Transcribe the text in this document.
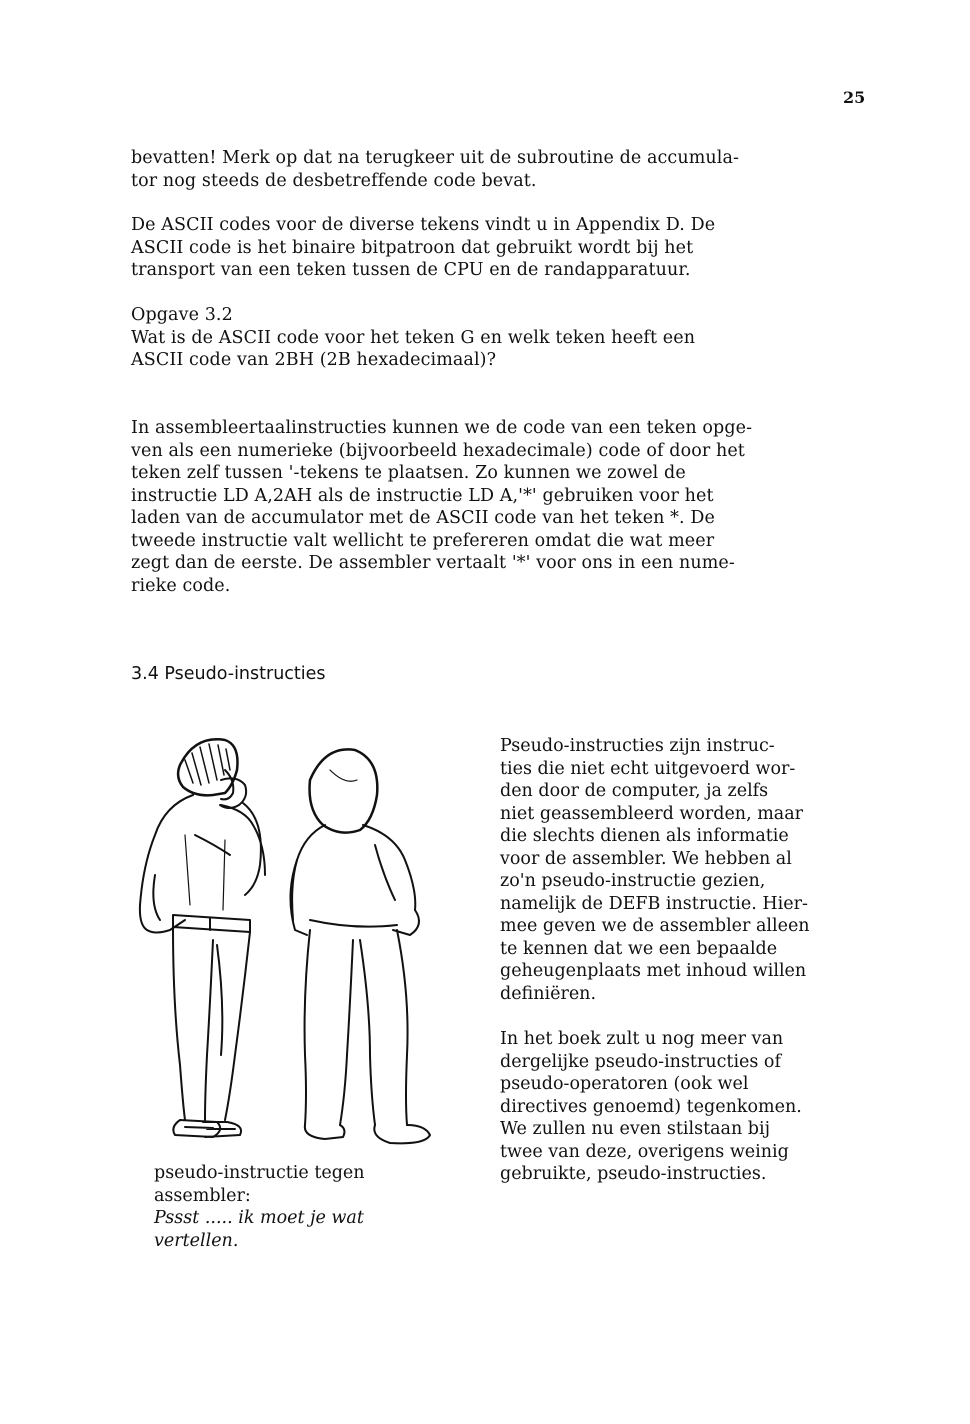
25
bevatten! Merk op dat na terugkeer uit de subroutine de accumula-
tor nog steeds de desbetreffende code bevat.
De ASCII codes voor de diverse tekens vindt u in Appendix D. De
ASCII code is het binaire bitpatroon dat gebruikt wordt bij het
transport van een teken tussen de CPU en de randapparatuur.
Opgave 3.2
Wat is de ASCII code voor het teken G en welk teken heeft een
ASCII code van 2BH (2B hexadecimaal)?
In assembleertaalinstructies kunnen we de code van een teken opge-
ven als een numerieke (bijvoorbeeld hexadecimale) code of door het
teken zelf tussen '-tekens te plaatsen. Zo kunnen we zowel de
instructie LD A,2AH als de instructie LD A,'*' gebruiken voor het
laden van de accumulator met de ASCII code van het teken *. De
tweede instructie valt wellicht te prefereren omdat die wat meer
zegt dan de eerste. De assembler vertaalt '*' voor ons in een nume-
rieke code.
3.4 Pseudo-instructies
pseudo-instructie tegen
assembler:
Pssst ..... ik moet je wat
vertellen.
Pseudo-instructies zijn instruc-
ties die niet echt uitgevoerd wor-
den door de computer, ja zelfs
niet geassembleerd worden, maar
die slechts dienen als informatie
voor de assembler. We hebben al
zo'n pseudo-instructie gezien,
namelijk de DEFB instructie. Hier-
mee geven we de assembler alleen
te kennen dat we een bepaalde
geheugenplaats met inhoud willen
definiëren.
In het boek zult u nog meer van
dergelijke pseudo-instructies of
pseudo-operatoren (ook wel
directives genoemd) tegenkomen.
We zullen nu even stilstaan bij
twee van deze, overigens weinig
gebruikte, pseudo-instructies.
